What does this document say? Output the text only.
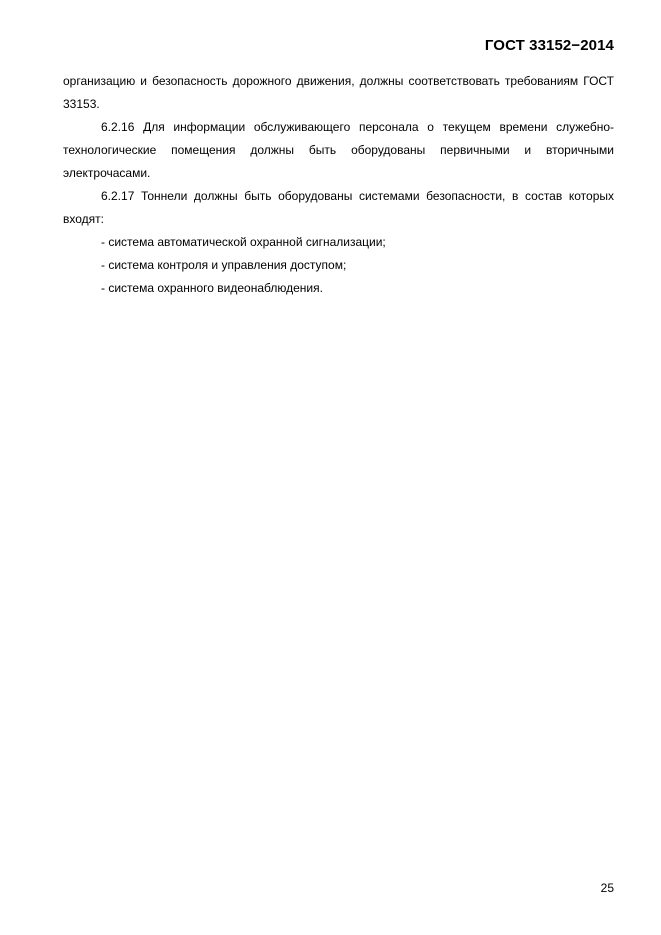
ГОСТ 33152−2014

организацию и безопасность дорожного движения, должны соответствовать требованиям ГОСТ 33153.

6.2.16 Для информации обслуживающего персонала о текущем времени служебно-технологические помещения должны быть оборудованы первичными и вторичными электрочасами.

6.2.17 Тоннели должны быть оборудованы системами безопасности, в состав которых входят:

- система автоматической охранной сигнализации;
- система контроля и управления доступом;
- система охранного видеонаблюдения.
25
